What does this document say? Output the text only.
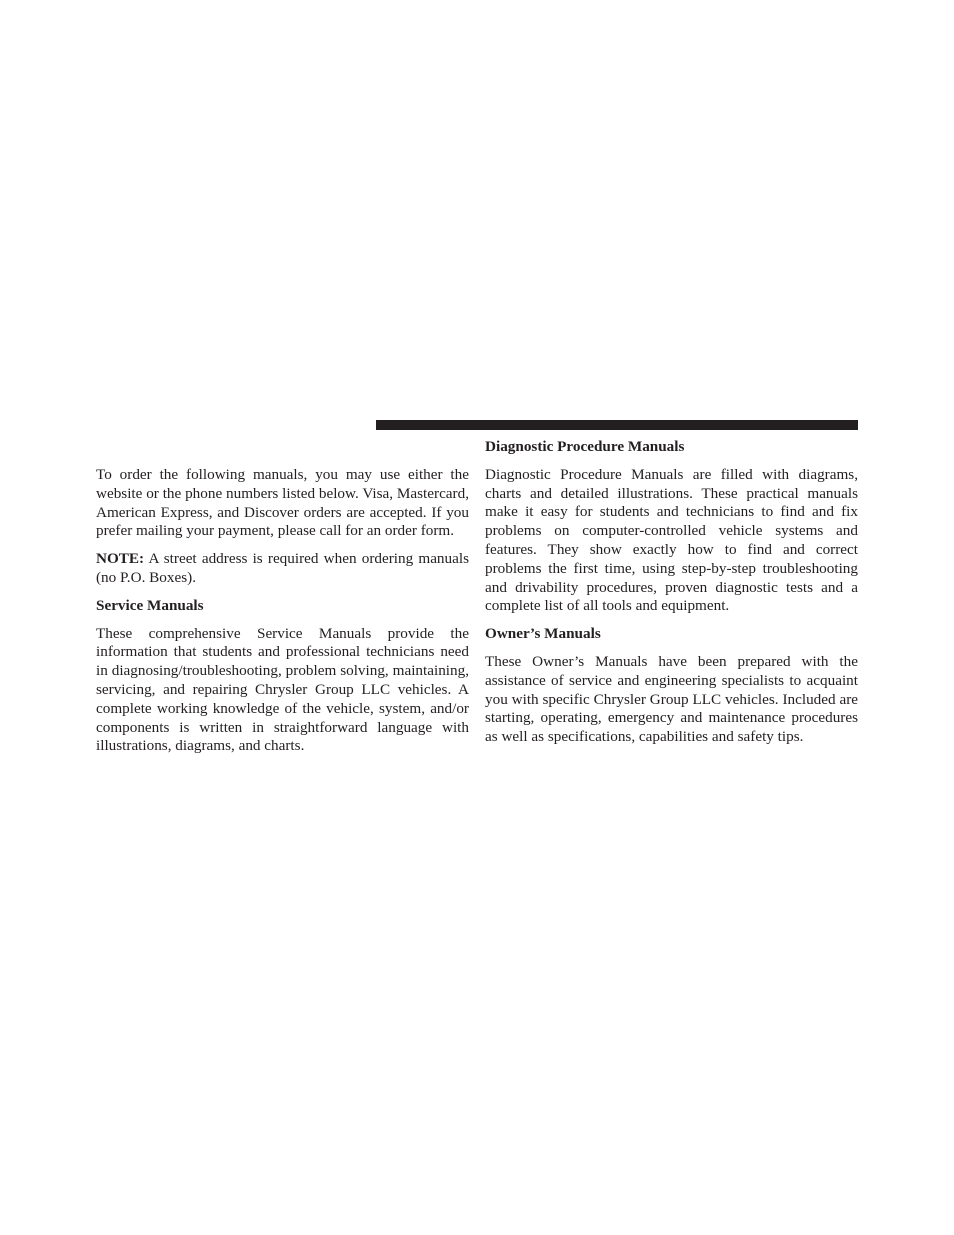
To order the following manuals, you may use either the website or the phone numbers listed below. Visa, Mastercard, American Express, and Discover orders are accepted. If you prefer mailing your payment, please call for an order form.

NOTE: A street address is required when ordering manuals (no P.O. Boxes).

Service Manuals

These comprehensive Service Manuals provide the information that students and professional technicians need in diagnosing/troubleshooting, problem solving, maintaining, servicing, and repairing Chrysler Group LLC vehicles. A complete working knowledge of the vehicle, system, and/or components is written in straightforward language with illustrations, diagrams, and charts.

Diagnostic Procedure Manuals

Diagnostic Procedure Manuals are filled with diagrams, charts and detailed illustrations. These practical manuals make it easy for students and technicians to find and fix problems on computer-controlled vehicle systems and features. They show exactly how to find and correct problems the first time, using step-by-step troubleshooting and drivability procedures, proven diagnostic tests and a complete list of all tools and equipment.

Owner’s Manuals

These Owner’s Manuals have been prepared with the assistance of service and engineering specialists to acquaint you with specific Chrysler Group LLC vehicles. Included are starting, operating, emergency and maintenance procedures as well as specifications, capabilities and safety tips.
